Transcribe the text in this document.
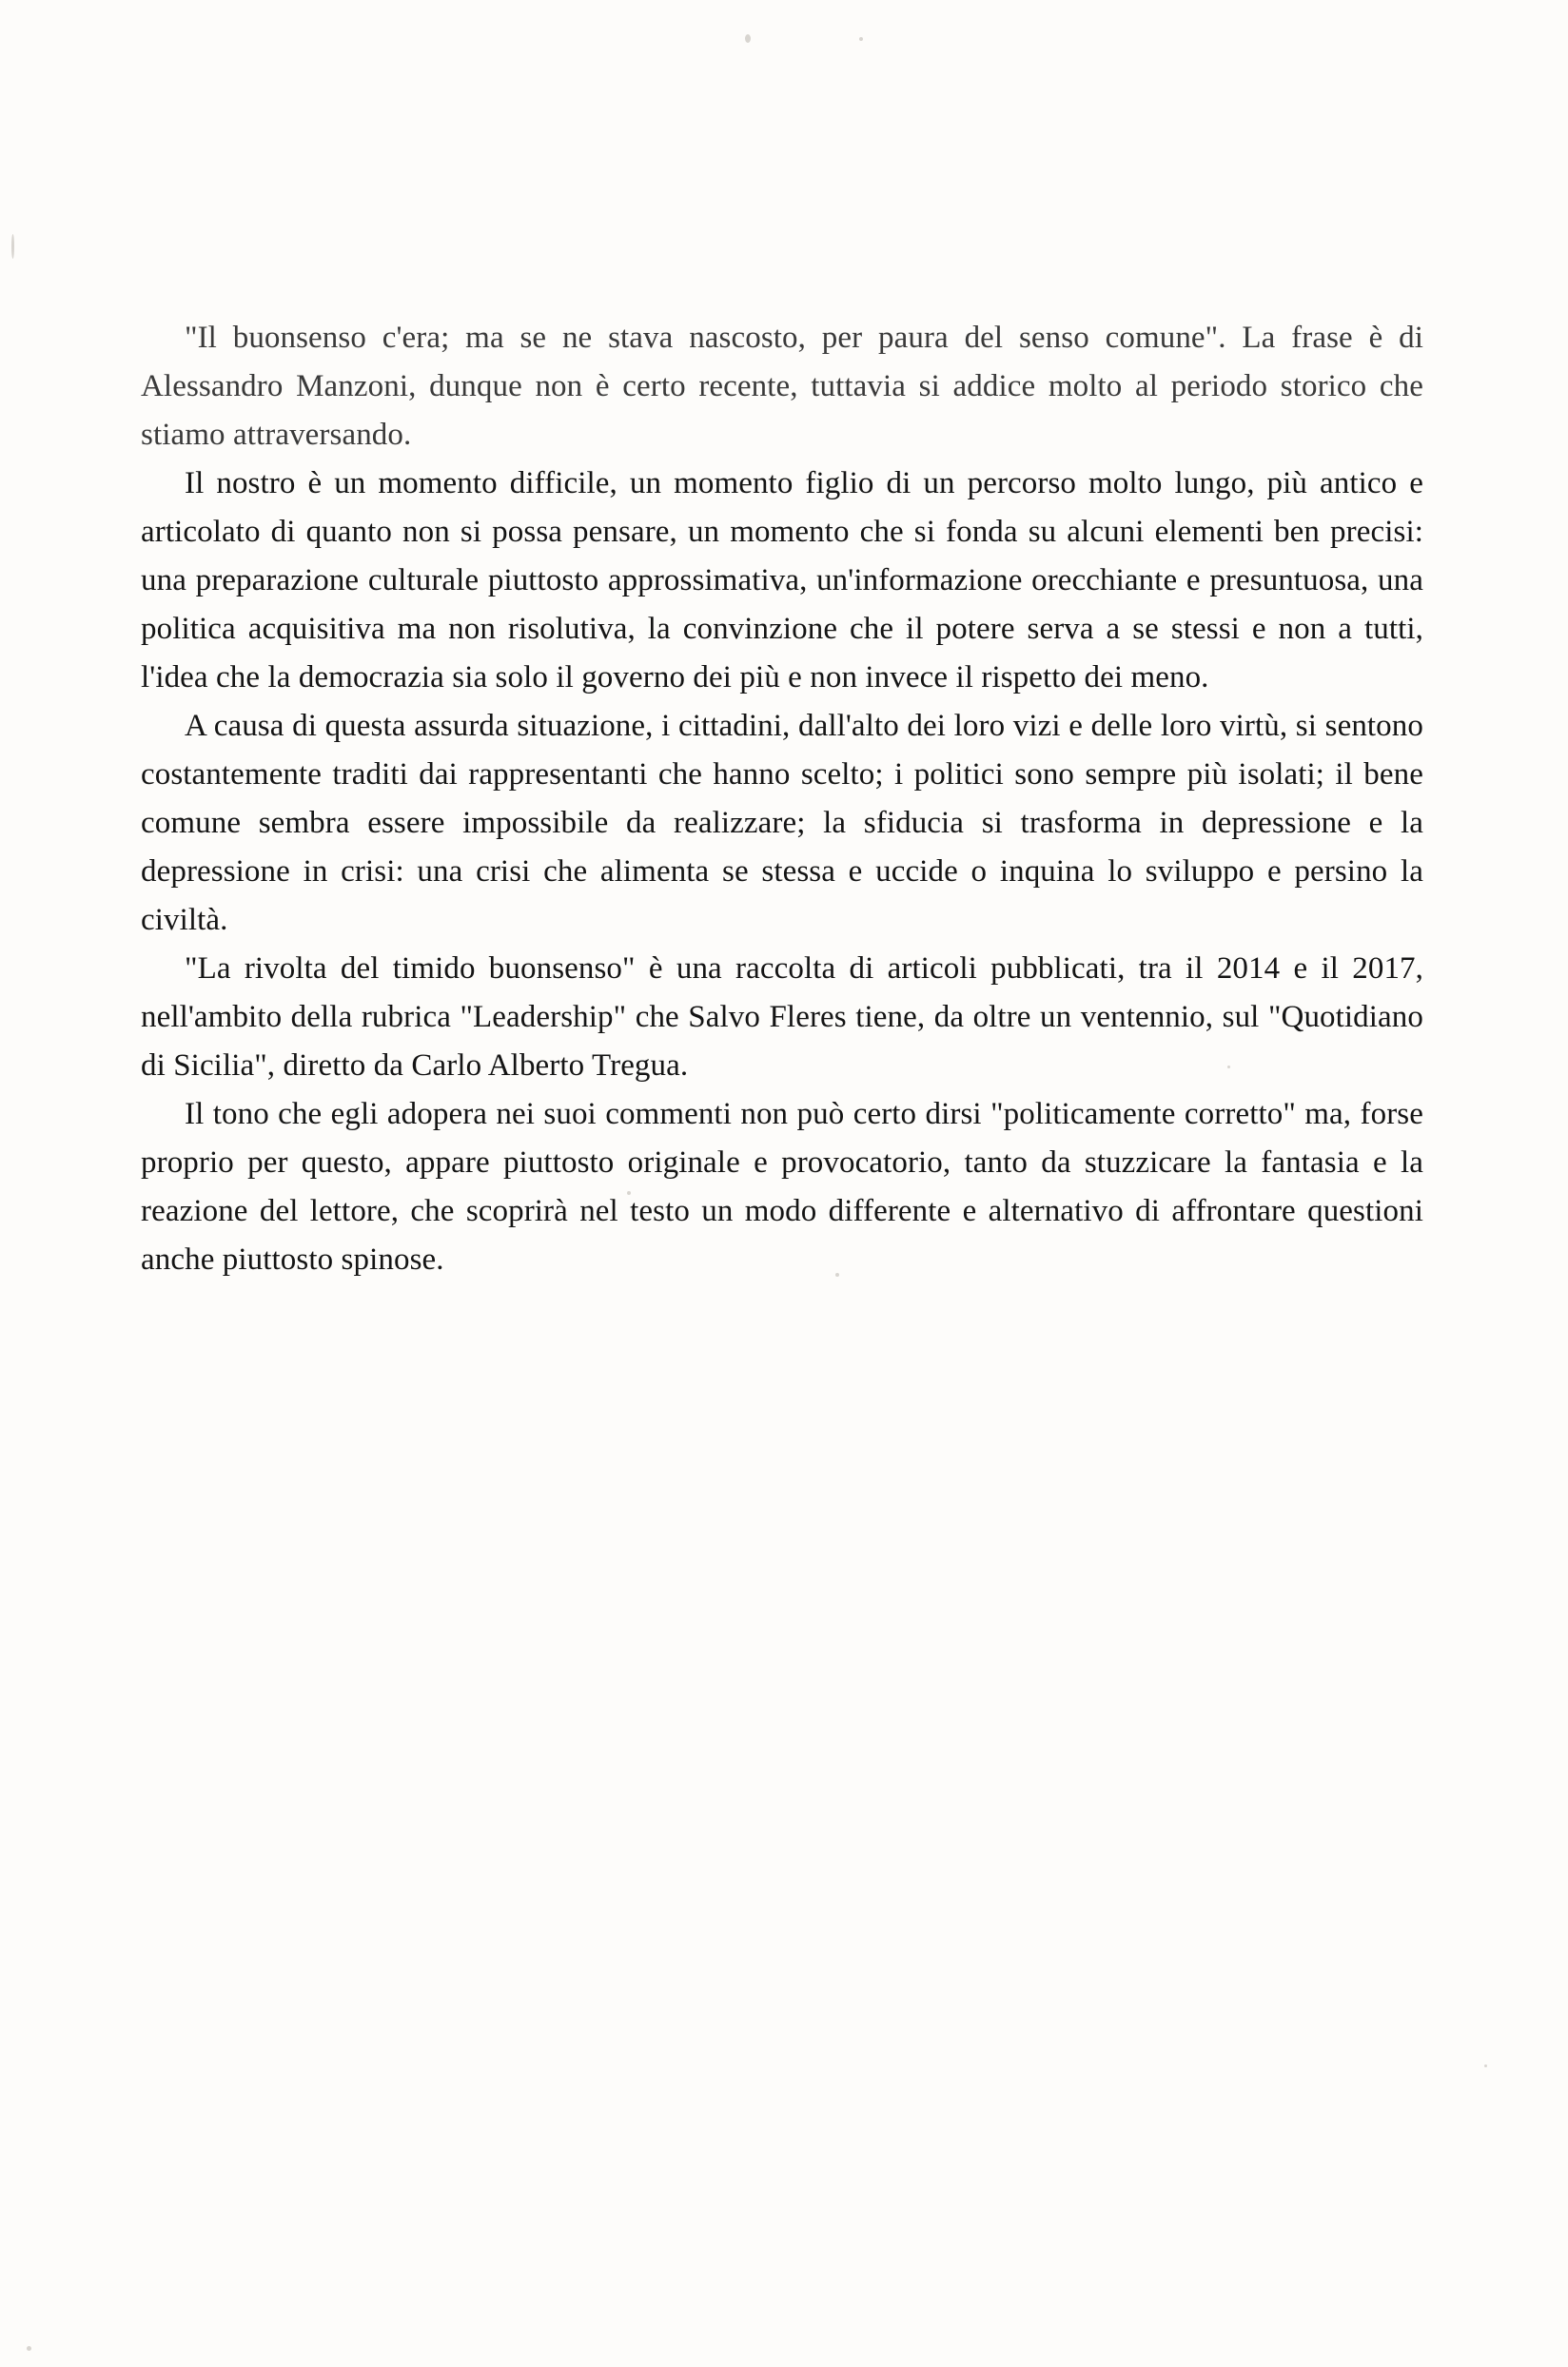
"Il buonsenso c'era; ma se ne stava nascosto, per paura del senso comune". La frase è di Alessandro Manzoni, dunque non è certo recente, tuttavia si addice molto al periodo storico che stiamo attraversando.

Il nostro è un momento difficile, un momento figlio di un percorso molto lungo, più antico e articolato di quanto non si possa pensare, un momento che si fonda su alcuni elementi ben precisi: una preparazione culturale piuttosto approssimativa, un'informazione orecchiante e presuntuosa, una politica acquisitiva ma non risolutiva, la convinzione che il potere serva a se stessi e non a tutti, l'idea che la democrazia sia solo il governo dei più e non invece il rispetto dei meno.

A causa di questa assurda situazione, i cittadini, dall'alto dei loro vizi e delle loro virtù, si sentono costantemente traditi dai rappresentanti che hanno scelto; i politici sono sempre più isolati; il bene comune sembra essere impossibile da realizzare; la sfiducia si trasforma in depressione e la depressione in crisi: una crisi che alimenta se stessa e uccide o inquina lo sviluppo e persino la civiltà.

"La rivolta del timido buonsenso" è una raccolta di articoli pubblicati, tra il 2014 e il 2017, nell'ambito della rubrica "Leadership" che Salvo Fleres tiene, da oltre un ventennio, sul "Quotidiano di Sicilia", diretto da Carlo Alberto Tregua.

Il tono che egli adopera nei suoi commenti non può certo dirsi "politicamente corretto" ma, forse proprio per questo, appare piuttosto originale e provocatorio, tanto da stuzzicare la fantasia e la reazione del lettore, che scoprirà nel testo un modo differente e alternativo di affrontare questioni anche piuttosto spinose.
